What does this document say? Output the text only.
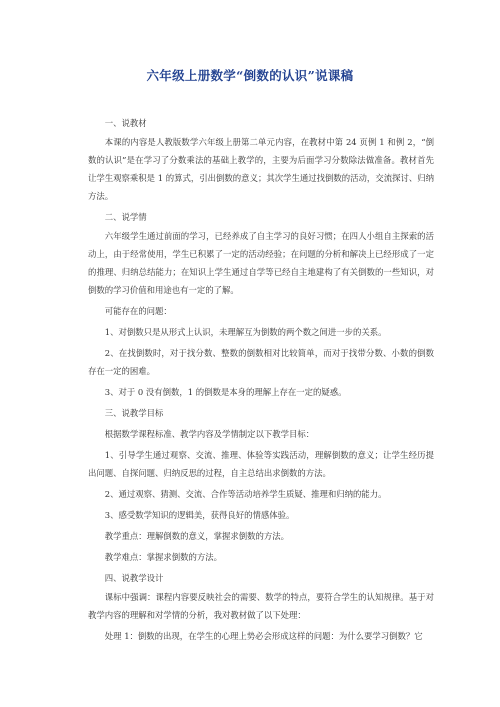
六年级上册数学“倒数的认识”说课稿

一、说教材

本课的内容是人教版数学六年级上册第二单元内容，在教材中第 24 页例 1 和例 2，“倒数的认识”是在学习了分数乘法的基础上教学的，主要为后面学习分数除法做准备。教材首先让学生观察乘积是 1 的算式，引出倒数的意义；其次学生通过找倒数的活动，交流探讨、归纳方法。

二、说学情

六年级学生通过前面的学习，已经养成了自主学习的良好习惯；在四人小组自主探索的活动上，由于经常使用，学生已积累了一定的活动经验；在问题的分析和解决上已经形成了一定的推理、归纳总结能力；在知识上学生通过自学等已经自主地建构了有关倒数的一些知识，对倒数的学习价值和用途也有一定的了解。

可能存在的问题：

1、对倒数只是从形式上认识，未理解互为倒数的两个数之间进一步的关系。

2、在找倒数时，对于找分数、整数的倒数相对比较简单，而对于找带分数、小数的倒数存在一定的困难。

3、对于 0 没有倒数，1 的倒数是本身的理解上存在一定的疑惑。

三、说教学目标

根据数学课程标准、教学内容及学情制定以下教学目标：

1、引导学生通过观察、交流、推理、体验等实践活动，理解倒数的意义；让学生经历提出问题、自探问题、归纳反思的过程，自主总结出求倒数的方法。

2、通过观察、猜测、交流、合作等活动培养学生质疑、推理和归纳的能力。

3、感受数学知识的逻辑美，获得良好的情感体验。

教学重点：理解倒数的意义，掌握求倒数的方法。

教学难点：掌握求倒数的方法。

四、说教学设计

课标中强调：课程内容要反映社会的需要、数学的特点，要符合学生的认知规律。基于对教学内容的理解和对学情的分析，我对教材做了以下处理：

处理 1：倒数的出现，在学生的心理上势必会形成这样的问题：为什么要学习倒数？它
